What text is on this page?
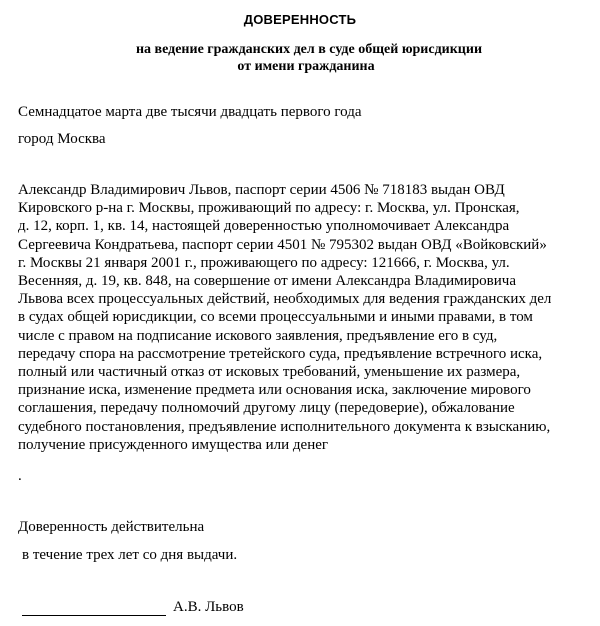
ДОВЕРЕННОСТЬ
на ведение гражданских дел в суде общей юрисдикции
от имени гражданина
Семнадцатое марта две тысячи двадцать первого года
город Москва
Александр Владимирович Львов, паспорт серии 4506 № 718183 выдан ОВД
Кировского р-на г. Москвы, проживающий по адресу: г. Москва, ул. Пронская,
д. 12, корп. 1, кв. 14, настоящей доверенностью уполномочивает Александра
Сергеевича Кондратьева, паспорт серии 4501 № 795302 выдан ОВД «Войковский»
г. Москвы 21 января 2001 г., проживающего по адресу: 121666, г. Москва, ул.
Весенняя, д. 19, кв. 848, на совершение от имени Александра Владимировича
Львова всех процессуальных действий, необходимых для ведения гражданских дел
в судах общей юрисдикции, со всеми процессуальными и иными правами, в том
числе с правом на подписание искового заявления, предъявление его в суд,
передачу спора на рассмотрение третейского суда, предъявление встречного иска,
полный или частичный отказ от исковых требований, уменьшение их размера,
признание иска, изменение предмета или основания иска, заключение мирового
соглашения, передачу полномочий другому лицу (передоверие), обжалование
судебного постановления, предъявление исполнительного документа к взысканию,
получение присужденного имущества или денег
.
Доверенность действительна
в течение трех лет со дня выдачи.
А.В. Львов
